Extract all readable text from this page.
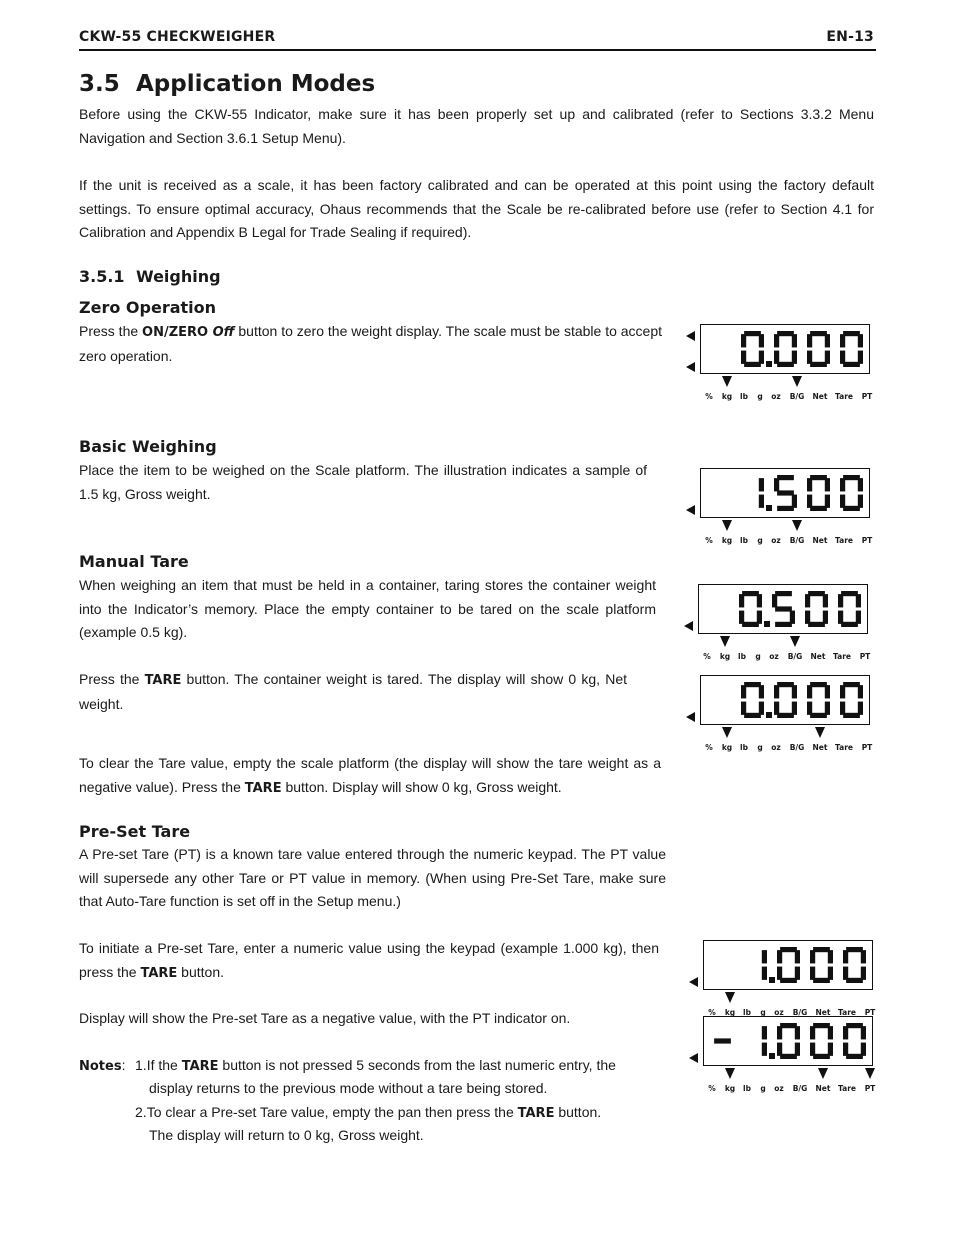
CKW-55 CHECKWEIGHER	EN-13
3.5 Application Modes
Before using the CKW-55 Indicator, make sure it has been properly set up and calibrated (refer to Sections 3.3.2 Menu Navigation and Section 3.6.1 Setup Menu).
If the unit is received as a scale, it has been factory calibrated and can be operated at this point using the factory default settings. To ensure optimal accuracy, Ohaus recommends that the Scale be re-calibrated before use (refer to Section 4.1 for Calibration and Appendix B Legal for Trade Sealing if required).
3.5.1 Weighing
Zero Operation
Press the ON/ZERO Off button to zero the weight display. The scale must be stable to accept zero operation.
Basic Weighing
Place the item to be weighed on the Scale platform. The illustration indicates a sample of 1.5 kg, Gross weight.
Manual Tare
When weighing an item that must be held in a container, taring stores the container weight into the Indicator’s memory. Place the empty container to be tared on the scale platform (example 0.5 kg).
Press the TARE button. The container weight is tared. The display will show 0 kg, Net weight.
To clear the Tare value, empty the scale platform (the display will show the tare weight as a negative value). Press the TARE button. Display will show 0 kg, Gross weight.
Pre-Set Tare
A Pre-set Tare (PT) is a known tare value entered through the numeric keypad. The PT value will supersede any other Tare or PT value in memory. (When using Pre-Set Tare, make sure that Auto-Tare function is set off in the Setup menu.)
To initiate a Pre-set Tare, enter a numeric value using the keypad (example 1.000 kg), then press the TARE button.
Display will show the Pre-set Tare as a negative value, with the PT indicator on.
Notes: 1.If the TARE button is not pressed 5 seconds from the last numeric entry, the
display returns to the previous mode without a tare being stored.
2.To clear a Pre-set Tare value, empty the pan then press the TARE button.
The display will return to 0 kg, Gross weight.
% kg lb g oz B/G Net Tare PT
% kg lb g oz B/G Net Tare PT
% kg lb g oz B/G Net Tare PT
% kg lb g oz B/G Net Tare PT
% kg lb g oz B/G Net Tare PT
% kg lb g oz B/G Net Tare PT
